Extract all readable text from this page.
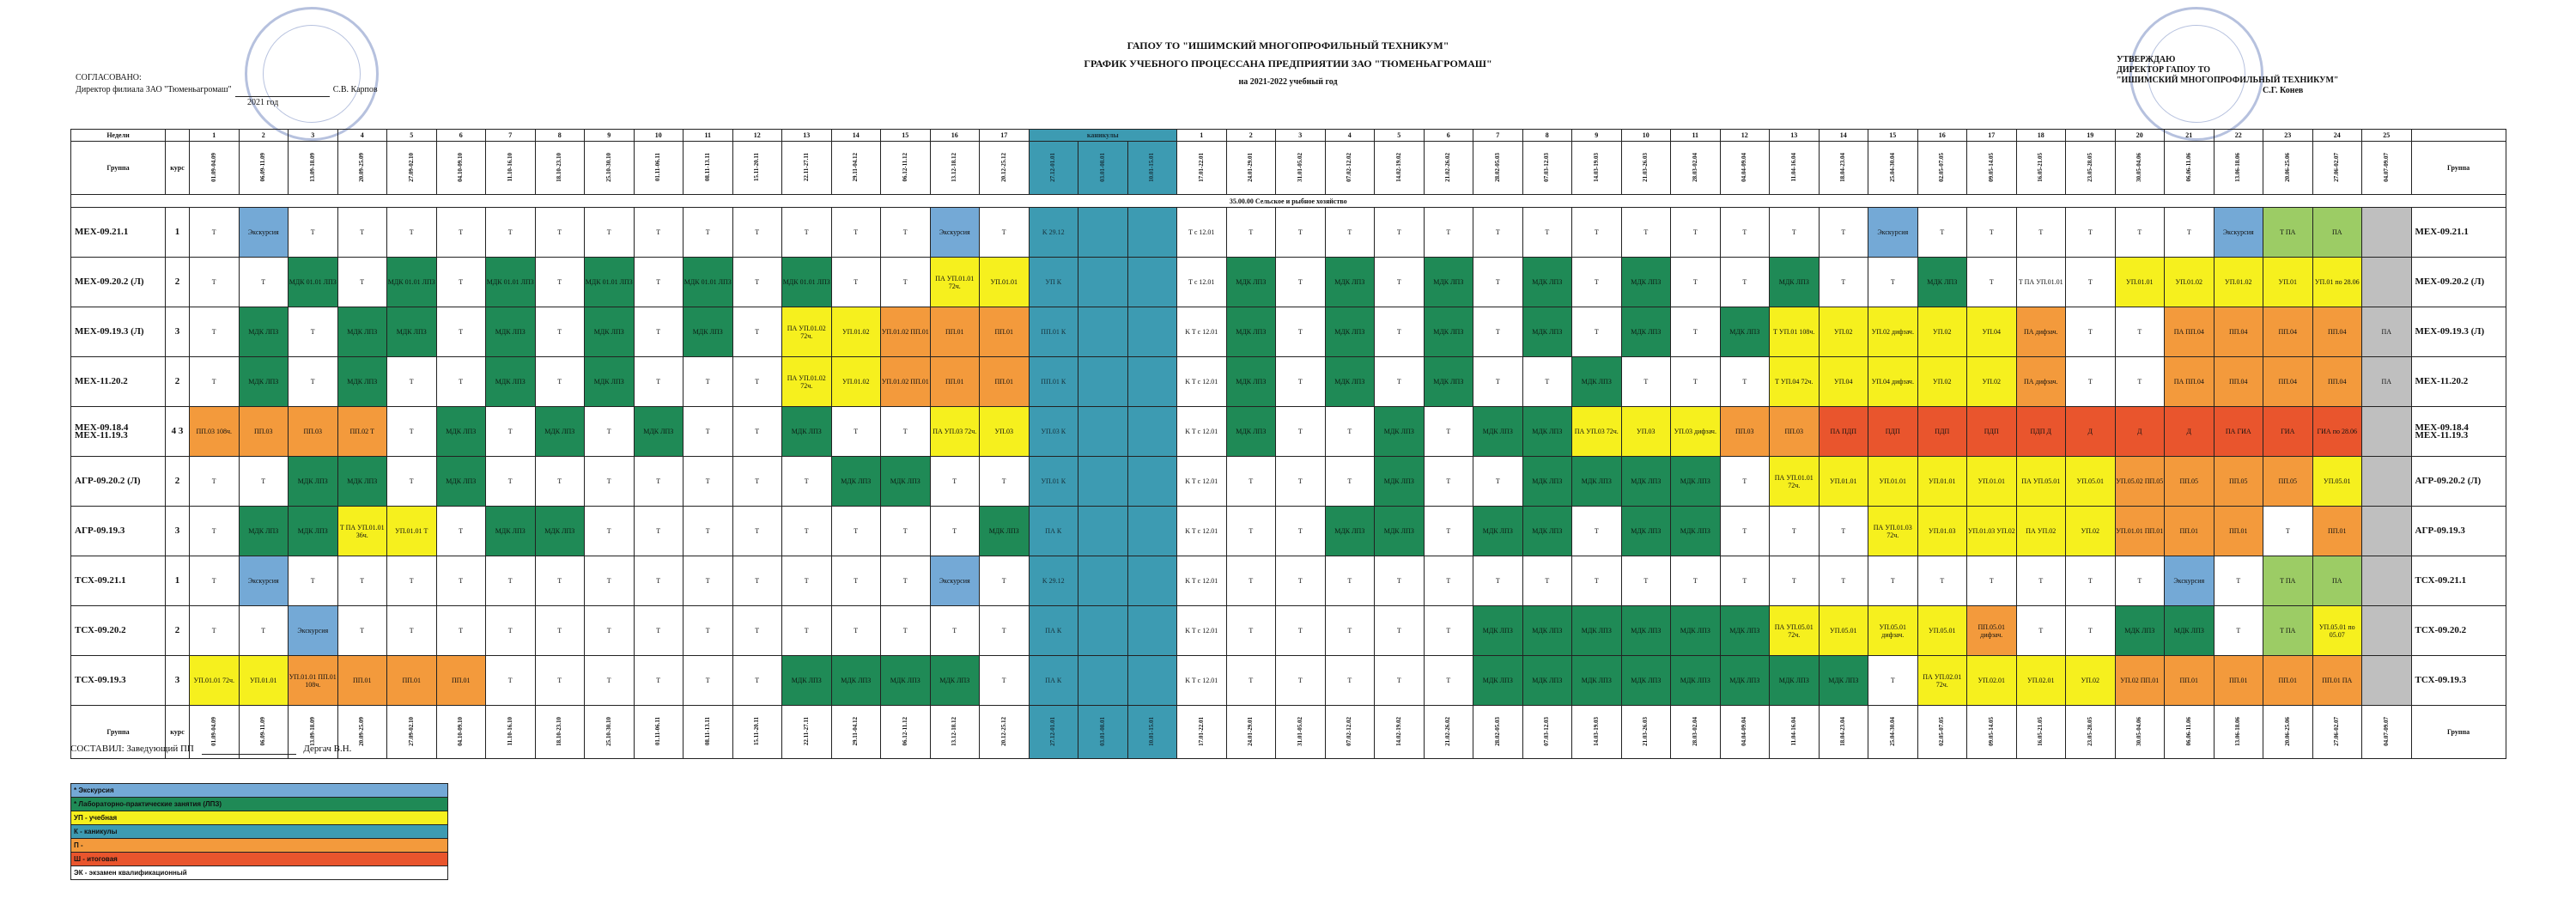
ГАПОУ ТО "ИШИМСКИЙ МНОГОПРОФИЛЬНЫЙ ТЕХНИКУМ"
ГРАФИК УЧЕБНОГО ПРОЦЕССАНА ПРЕДПРИЯТИИ ЗАО "ТЮМЕНЬАГРОМАШ"
на 2021-2022 учебный год
СОГЛАСОВАНО:
Директор филиала ЗАО "Тюменьагромаш"	С.В. Карпов
2021 год
УТВЕРЖДАЮ
ДИРЕКТОР ГАПОУ ТО
"ИШИМСКИЙ МНОГОПРОФИЛЬНЫЙ ТЕХНИКУМ"
С.Г. Конев
Недели		1	2	3	4	5	6	7	8	9	10	11	12	13	14	15	16	17	каникулы			1	2	3	4	5	6	7	8	9	10	11	12	13	14	15	16	17	18	19	20	21	22	23	24	25		
Группа	курс	01.09-04.09	06.09-11.09	13.09-18.09	20.09-25.09	27.09-02.10	04.10-09.10	11.10-16.10	18.10-23.10	25.10-30.10	01.11-06.11	08.11-13.11	15.11-20.11	22.11-27.11	29.11-04.12	06.12-11.12	13.12-18.12	20.12-25.12	27.12-01.01	03.01-08.01	10.01-15.01	17.01-22.01	24.01-29.01	31.01-05.02	07.02-12.02	14.02-19.02	21.02-26.02	28.02-05.03	07.03-12.03	14.03-19.03	21.03-26.03	28.03-02.04	04.04-09.04	11.04-16.04	18.04-23.04	25.04-30.04	02.05-07.05	09.05-14.05	16.05-21.05	23.05-28.05	30.05-04.06	06.06-11.06	13.06-18.06	20.06-25.06	27.06-02.07	04.07-09.07	Группа	
35.00.00 Сельское и рыбное хозяйство																																																
МЕХ-09.21.1	1	T	Экскурсия	T	T	T	T	T	T	T	T	T	T	T	T	T	Экскурсия	T	K 29.12			T с 12.01	T	T	T	T	T	T	T	T	T	T	T	T	T	Экскурсия	T	T	T	T	T	T	Экскурсия	T ПА	ПА		МЕХ-09.21.1	
МЕХ-09.20.2 (Л)	2	T	T	МДК 01.01 ЛПЗ	T	МДК 01.01 ЛПЗ	T	МДК 01.01 ЛПЗ	T	МДК 01.01 ЛПЗ	T	МДК 01.01 ЛПЗ	T	МДК 01.01 ЛПЗ	T	T	ПА УП.01.01 72ч.	УП.01.01	УП К			T с 12.01	МДК ЛПЗ	T	МДК ЛПЗ	T	МДК ЛПЗ	T	МДК ЛПЗ	T	МДК ЛПЗ	T	T	МДК ЛПЗ	T	T	МДК ЛПЗ	T	T ПА УП.01.01	T	УП.01.01	УП.01.02	УП.01.02	УП.01	УП.01 по 28.06		МЕХ-09.20.2 (Л)	
МЕХ-09.19.3 (Л)	3	T	МДК ЛПЗ	T	МДК ЛПЗ	МДК ЛПЗ	T	МДК ЛПЗ	T	МДК ЛПЗ	T	МДК ЛПЗ	T	ПА УП.01.02 72ч.	УП.01.02	УП.01.02 ПП.01	ПП.01	ПП.01	ПП.01 К			K T с 12.01	МДК ЛПЗ	T	МДК ЛПЗ	T	МДК ЛПЗ	T	МДК ЛПЗ	T	МДК ЛПЗ	T	МДК ЛПЗ	T УП.01 108ч.	УП.02	УП.02 дифзач.	УП.02	УП.04	ПА дифзач.	T	T	ПА ПП.04	ПП.04	ПП.04	ПП.04	ПА	МЕХ-09.19.3 (Л)	
МЕХ-11.20.2	2	T	МДК ЛПЗ	T	МДК ЛПЗ	T	T	МДК ЛПЗ	T	МДК ЛПЗ	T	T	T	ПА УП.01.02 72ч.	УП.01.02	УП.01.02 ПП.01	ПП.01	ПП.01	ПП.01 К			K T с 12.01	МДК ЛПЗ	T	МДК ЛПЗ	T	МДК ЛПЗ	T	T	МДК ЛПЗ	T	T	T	T УП.04 72ч.	УП.04	УП.04 дифзач.	УП.02	УП.02	ПА дифзач.	T	T	ПА ПП.04	ПП.04	ПП.04	ПП.04	ПА	МЕХ-11.20.2	
МЕХ-09.18.4 МЕХ-11.19.3	4 3	ПП.03 108ч.	ПП.03	ПП.03	ПП.02 T	T	МДК ЛПЗ	T	МДК ЛПЗ	T	МДК ЛПЗ	T	T	МДК ЛПЗ	T	T	ПА УП.03 72ч.	УП.03	УП.03 К			K T с 12.01	МДК ЛПЗ	T	T	МДК ЛПЗ	T	МДК ЛПЗ	МДК ЛПЗ	ПА УП.03 72ч.	УП.03	УП.03 дифзач.	ПП.03	ПП.03	ПА ПДП	ПДП	ПДП	ПДП	ПДП Д	Д	Д	Д	ПА ГИА	ГИА	ГИА по 28.06		МЕХ-09.18.4 МЕХ-11.19.3	
АГР-09.20.2 (Л)	2	T	T	МДК ЛПЗ	МДК ЛПЗ	T	МДК ЛПЗ	T	T	T	T	T	T	T	МДК ЛПЗ	МДК ЛПЗ	T	T	УП.01 К			K T с 12.01	T	T	T	МДК ЛПЗ	T	T	МДК ЛПЗ	МДК ЛПЗ	МДК ЛПЗ	МДК ЛПЗ	T	ПА УП.01.01 72ч.	УП.01.01	УП.01.01	УП.01.01	УП.01.01	ПА УП.05.01	УП.05.01	УП.05.02 ПП.05	ПП.05	ПП.05	ПП.05	УП.05.01		АГР-09.20.2 (Л)	
АГР-09.19.3	3	T	МДК ЛПЗ	МДК ЛПЗ	T ПА УП.01.01 36ч.	УП.01.01 T	T	МДК ЛПЗ	МДК ЛПЗ	T	T	T	T	T	T	T	T	МДК ЛПЗ	ПА К			K T с 12.01	T	T	МДК ЛПЗ	МДК ЛПЗ	T	МДК ЛПЗ	МДК ЛПЗ	T	МДК ЛПЗ	МДК ЛПЗ	T	T	T	ПА УП.01.03 72ч.	УП.01.03	УП.01.03 УП.02	ПА УП.02	УП.02	УП.01.01 ПП.01	ПП.01	ПП.01	T	ПП.01		АГР-09.19.3	
ТСХ-09.21.1	1	T	Экскурсия	T	T	T	T	T	T	T	T	T	T	T	T	T	Экскурсия	T	K 29.12			K T с 12.01	T	T	T	T	T	T	T	T	T	T	T	T	T	T	T	T	T	T	T	Экскурсия	T	T ПА	ПА		ТСХ-09.21.1	
ТСХ-09.20.2	2	T	T	Экскурсия	T	T	T	T	T	T	T	T	T	T	T	T	T	T	ПА К			K T с 12.01	T	T	T	T	T	МДК ЛПЗ	МДК ЛПЗ	МДК ЛПЗ	МДК ЛПЗ	МДК ЛПЗ	МДК ЛПЗ	ПА УП.05.01 72ч.	УП.05.01	УП.05.01 дифзач.	УП.05.01	ПП.05.01 дифзач.	T	T	МДК ЛПЗ	МДК ЛПЗ	T	T ПА	УП.05.01 по 05.07		ТСХ-09.20.2	
ТСХ-09.19.3	3	УП.01.01 72ч.	УП.01.01	УП.01.01 ПП.01 108ч.	ПП.01	ПП.01	ПП.01	T	T	T	T	T	T	МДК ЛПЗ	МДК ЛПЗ	МДК ЛПЗ	МДК ЛПЗ	T	ПА К			K T с 12.01	T	T	T	T	T	МДК ЛПЗ	МДК ЛПЗ	МДК ЛПЗ	МДК ЛПЗ	МДК ЛПЗ	МДК ЛПЗ	МДК ЛПЗ	МДК ЛПЗ	T	ПА УП.02.01 72ч.	УП.02.01	УП.02.01	УП.02	УП.02 ПП.01	ПП.01	ПП.01	ПП.01	ПП.01 ПА		ТСХ-09.19.3	
Группа	курс	01.09-04.09	06.09-11.09	13.09-18.09	20.09-25.09	27.09-02.10	04.10-09.10	11.10-16.10	18.10-23.10	25.10-30.10	01.11-06.11	08.11-13.11	15.11-20.11	22.11-27.11	29.11-04.12	06.12-11.12	13.12-18.12	20.12-25.12	27.12-01.01	03.01-08.01	10.01-15.01	17.01-22.01	24.01-29.01	31.01-05.02	07.02-12.02	14.02-19.02	21.02-26.02	28.02-05.03	07.03-12.03	14.03-19.03	21.03-26.03	28.03-02.04	04.04-09.04	11.04-16.04	18.04-23.04	25.04-30.04	02.05-07.05	09.05-14.05	16.05-21.05	23.05-28.05	30.05-04.06	06.06-11.06	13.06-18.06	20.06-25.06	27.06-02.07	04.07-09.07	Группа	
СОСТАВИЛ: Заведующий ПП	Дергач В.Н.
* Экскурсия
* Лабораторно-практические занятия (ЛПЗ)
УП - учебная
К - каникулы
П -
Ш - итоговая
ЭК - экзамен квалификационный
